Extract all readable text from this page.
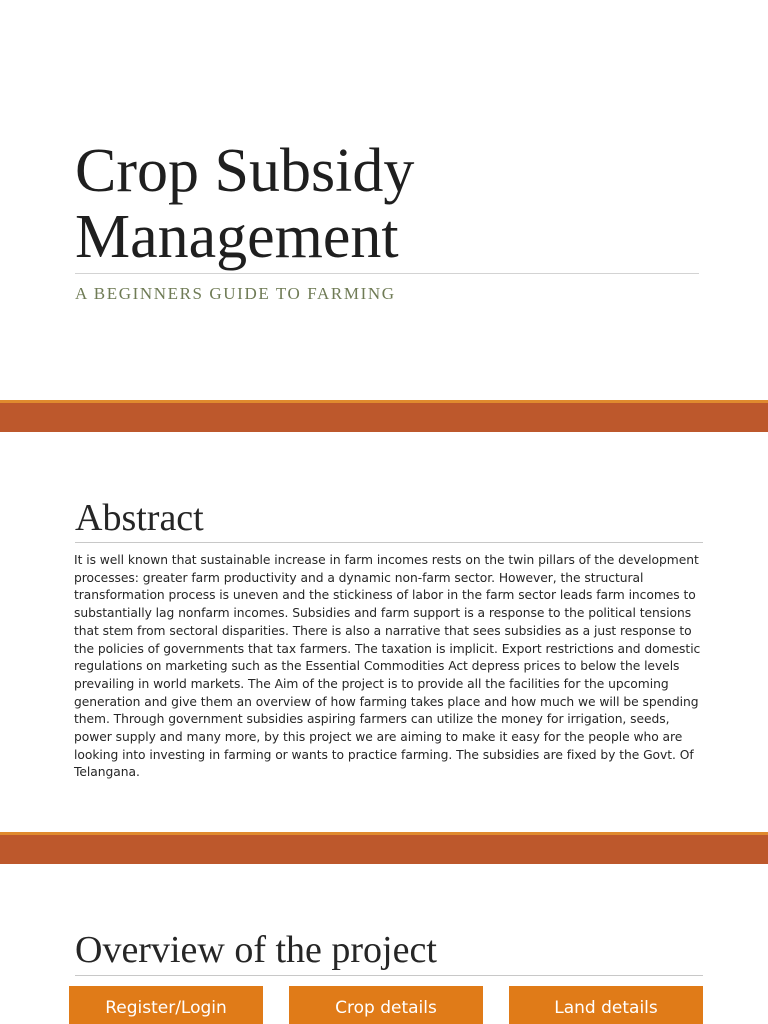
Crop Subsidy Management

A BEGINNERS GUIDE TO FARMING

Abstract

It is well known that sustainable increase in farm incomes rests on the twin pillars of the development processes: greater farm productivity and a dynamic non-farm sector. However, the structural transformation process is uneven and the stickiness of labor in the farm sector leads farm incomes to substantially lag nonfarm incomes. Subsidies and farm support is a response to the political tensions that stem from sectoral disparities. There is also a narrative that sees subsidies as a just response to the policies of governments that tax farmers. The taxation is implicit. Export restrictions and domestic regulations on marketing such as the Essential Commodities Act depress prices to below the levels prevailing in world markets. The Aim of the project is to provide all the facilities for the upcoming generation and give them an overview of how farming takes place and how much we will be spending them. Through government subsidies aspiring farmers can utilize the money for irrigation, seeds, power supply and many more, by this project we are aiming to make it easy for the people who are looking into investing in farming or wants to practice farming. The subsidies are fixed by the Govt. Of Telangana.

Overview of the project
Register/Login	Crop details	Land details
